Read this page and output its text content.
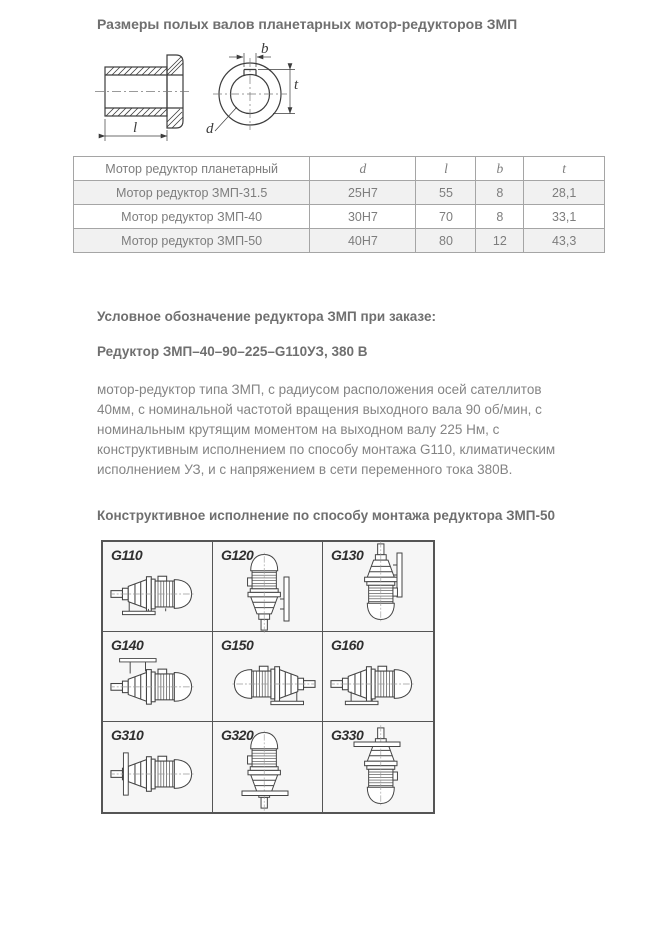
Размеры полых валов планетарных мотор-редукторов ЗМП
l
b
t
d
Мотор редуктор планетарный	d	l	b	t
Мотор редуктор ЗМП-31.5	25Н7	55	8	28,1
Мотор редуктор ЗМП-40	30Н7	70	8	33,1
Мотор редуктор ЗМП-50	40Н7	80	12	43,3
Условное обозначение редуктора ЗМП при заказе:
Редуктор ЗМП–40–90–225–G110УЗ, 380 В

мотор-редуктор типа ЗМП, с радиусом расположения осей сателлитов 40мм, с номинальной частотой вращения выходного вала 90 об/мин, с номинальным крутящим моментом на выходном валу 225 Нм, с конструктивным исполнением по способу монтажа G110, климатическим исполнением УЗ, и с напряжением в сети переменного тока 380В.

Конструктивное исполнение по способу монтажа редуктора ЗМП-50
G110	G120	G130
G140	G150	G160
G310	G320	G330
